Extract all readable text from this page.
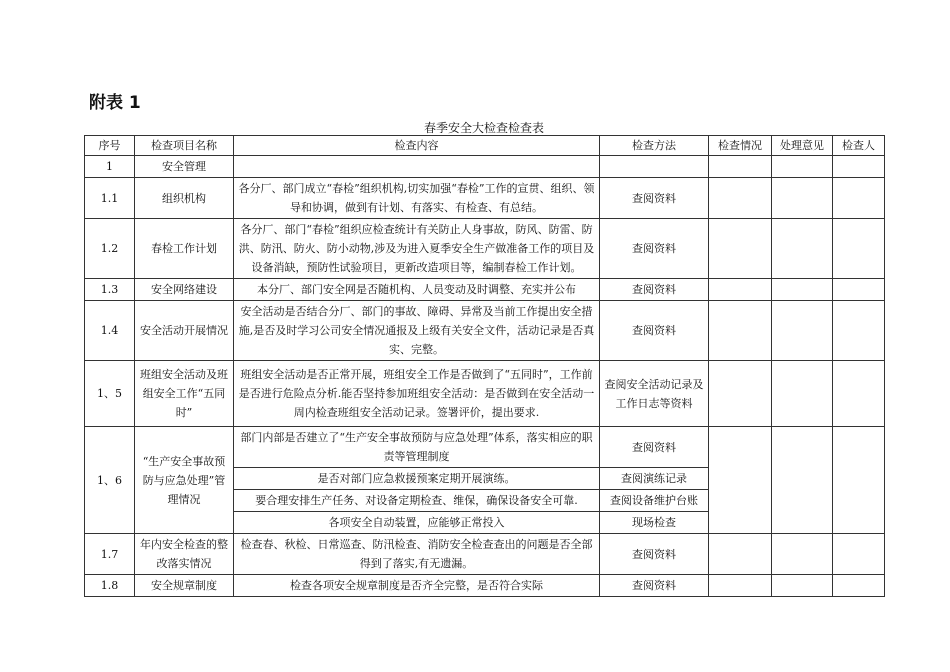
附表 1
春季安全大检查检查表
序号	检查项目名称	检查内容	检查方法	检查情况	处理意见	检查人
1	安全管理					
1.1	组织机构	各分厂、部门成立“春检”组织机构,切实加强“春检”工作的宣贯、组织、领导和协调，做到有计划、有落实、有检查、有总结。	查阅资料			
1.2	春检工作计划	各分厂、部门“春检”组织应检查统计有关防止人身事故，防风、防雷、防洪、防汛、防火、防小动物,涉及为进入夏季安全生产做准备工作的项目及设备消缺，预防性试验项目，更新改造项目等，编制春检工作计划。	查阅资料			
1.3	安全网络建设	本分厂、部门安全网是否随机构、人员变动及时调整、充实并公布	查阅资料			
1.4	安全活动开展情况	安全活动是否结合分厂、部门的事故、障碍、异常及当前工作提出安全措施,是否及时学习公司安全情况通报及上级有关安全文件，活动记录是否真实、完整。	查阅资料			
1、5	班组安全活动及班组安全工作“五同时”	班组安全活动是否正常开展，班组安全工作是否做到了“五同时”，工作前是否进行危险点分析.能否坚持参加班组安全活动：是否做到在安全活动一周内检查班组安全活动记录。签署评价，提出要求.	查阅安全活动记录及工作日志等资料			
1、6	“生产安全事故预防与应急处理”管理情况	部门内部是否建立了“生产安全事故预防与应急处理”体系，落实相应的职责等管理制度	查阅资料			
		是否对部门应急救援预案定期开展演练。	查阅演练记录			
		要合理安排生产任务、对设备定期检查、维保，确保设备安全可靠.	查阅设备维护台账			
		各项安全自动装置，应能够正常投入	现场检查			
1.7	年内安全检查的整改落实情况	检查春、秋检、日常巡查、防汛检查、消防安全检查查出的问题是否全部得到了落实,有无遗漏。	查阅资料			
1.8	安全规章制度	检查各项安全规章制度是否齐全完整，是否符合实际	查阅资料			
